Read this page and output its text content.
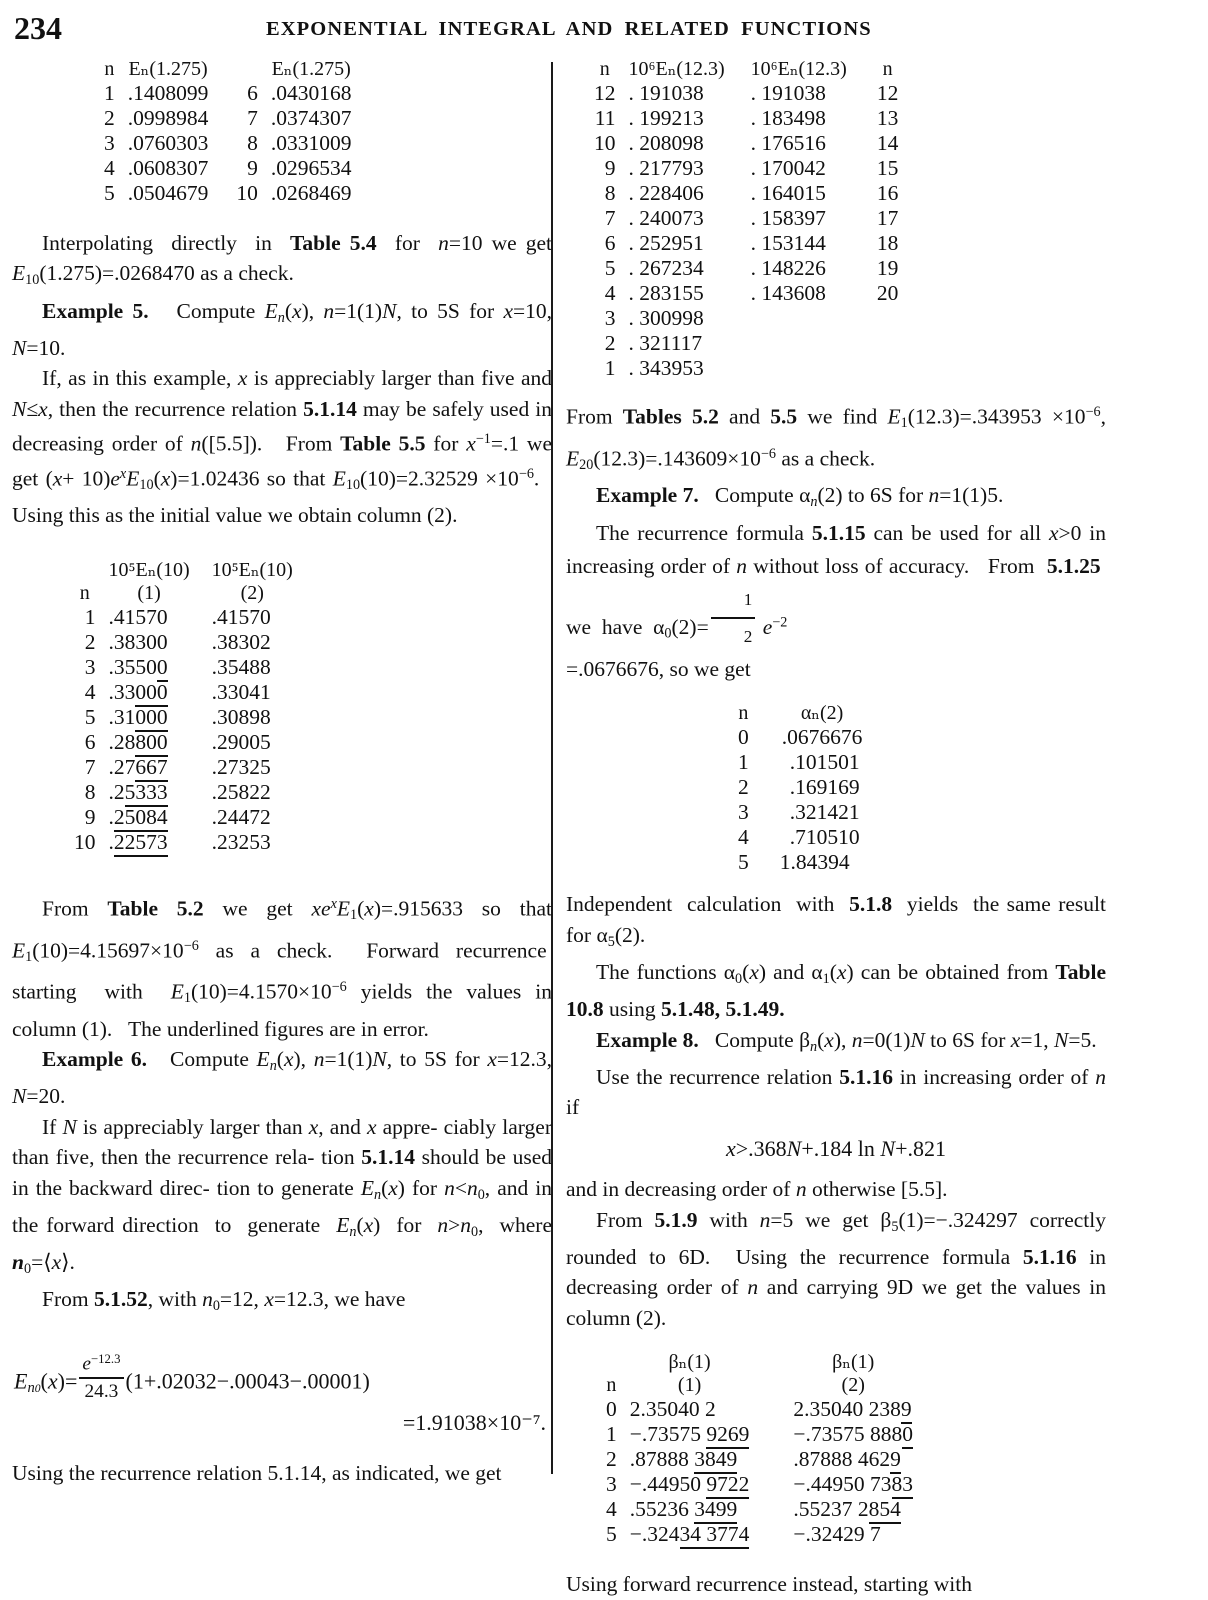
234	EXPONENTIAL INTEGRAL AND RELATED FUNCTIONS
n	Eₙ(1.275)		Eₙ(1.275)
1	.1408099	6	.0430168
2	.0998984	7	.0374307
3	.0760303	8	.0331009
4	.0608307	9	.0296534
5	.0504679	10	.0268469

Interpolating  directly  in  Table 5.4  for  n=10 we get $E_{10}(1.275)=.0268470$ as a check.

Example 5.   Compute $E_n(x)$, n=1(1)N, to 5S for x=10, N=10.

If, as in this example, x is appreciably larger than five and N≤x, then the recurrence relation 5.1.14 may be safely used in decreasing order of n([5.5]).   From Table 5.5 for $x^{-1}=.1$ we get $(x+ 10)e^xE_{10}(x)=1.02436$ so that $E_{10}(10)=2.32529 \times 10^{-6}$.   Using this as the initial value we obtain column (2).

	10⁵Eₙ(10)	10⁵Eₙ(10)
n	(1)	(2)
1	.41570	.41570
2	.38300	.38302
3	.35500	.35488
4	.33000	.33041
5	.31000	.30898
6	.28800	.29005
7	.27667	.27325
8	.25333	.25822
9	.25084	.24472
10	.22573	.23253

From Table 5.2 we get $xe^xE_1(x)=.915633$ so that $E_1(10)=4.15697\times 10^{-6}$ as a check.  Forward recurrence  starting  with  $E_1(10)=4.1570\times 10^{-6}$ yields the values in column (1).   The underlined figures are in error.

Example 6.   Compute $E_n(x)$, n=1(1)N, to 5S for x=12.3, N=20.

If N is appreciably larger than x, and x appre- ciably larger than five, then the recurrence rela- tion 5.1.14 should be used in the backward direc- tion to generate $E_n(x)$ for $n<n_0$, and in the forward direction  to  generate  $E_n(x)$  for  $n>n_0$,  where $n_0=⟨x⟩$.

From 5.1.52, with $n_0=12$, x=12.3, we have

$E_{n0}(x)= \frac{e^{-12.3}}{24.3} (1+.02032-.00043-.00001)$
=1.91038×10⁻⁷.

Using the recurrence relation 5.1.14, as indicated, we get

n	10⁶Eₙ(12.3)	10⁶Eₙ(12.3)	n
12	. 191038	. 191038	12
11	. 199213	. 183498	13
10	. 208098	. 176516	14
9	. 217793	. 170042	15
8	. 228406	. 164015	16
7	. 240073	. 158397	17
6	. 252951	. 153144	18
5	. 267234	. 148226	19
4	. 283155	. 143608	20
3	. 300998		
2	. 321117		
1	. 343953		

From Tables 5.2 and 5.5 we find $E_1(12.3)=.343953 \times 10^{-6}$, $E_{20}(12.3)=.143609\times 10^{-6}$ as a check.

Example 7.   Compute $\alpha_n(2)$ to 6S for n=1(1)5.

The recurrence formula 5.1.15 can be used for all x>0 in increasing order of n without loss of accuracy.   From  5.1.25  we  have  $\alpha_0(2)= \frac{1}{2} e^{-2}$
=.0676676, so we get

n	αₙ(2)
0	.0676676
1	.101501
2	.169169
3	.321421
4	.710510
5	1.84394

Independent  calculation  with  5.1.8  yields  the same result for $\alpha_5(2)$.

The functions $\alpha_0(x)$ and $\alpha_1(x)$ can be obtained from Table 10.8 using 5.1.48, 5.1.49.

Example 8.   Compute $\beta_n(x)$, n=0(1)N to 6S for x=1, N=5.

Use the recurrence relation 5.1.16 in increasing order of n if

x>.368N+.184 ln N+.821

and in decreasing order of n otherwise [5.5].

From 5.1.9 with n=5 we get $\beta_5(1)=-.324297$ correctly rounded to 6D.  Using the recurrence formula 5.1.16 in decreasing order of n and carrying 9D we get the values in column (2).

	βₙ(1)	βₙ(1)
n	(1)	(2)
0	2.35040 2	2.35040 2389
1	−.73575 9269	−.73575 8880
2	.87888 3849	.87888 4629
3	−.44950 9722	−.44950 7383
4	.55236 3499	.55237 2854
5	−.32434 3774	−.32429 7

Using forward recurrence instead, starting with
